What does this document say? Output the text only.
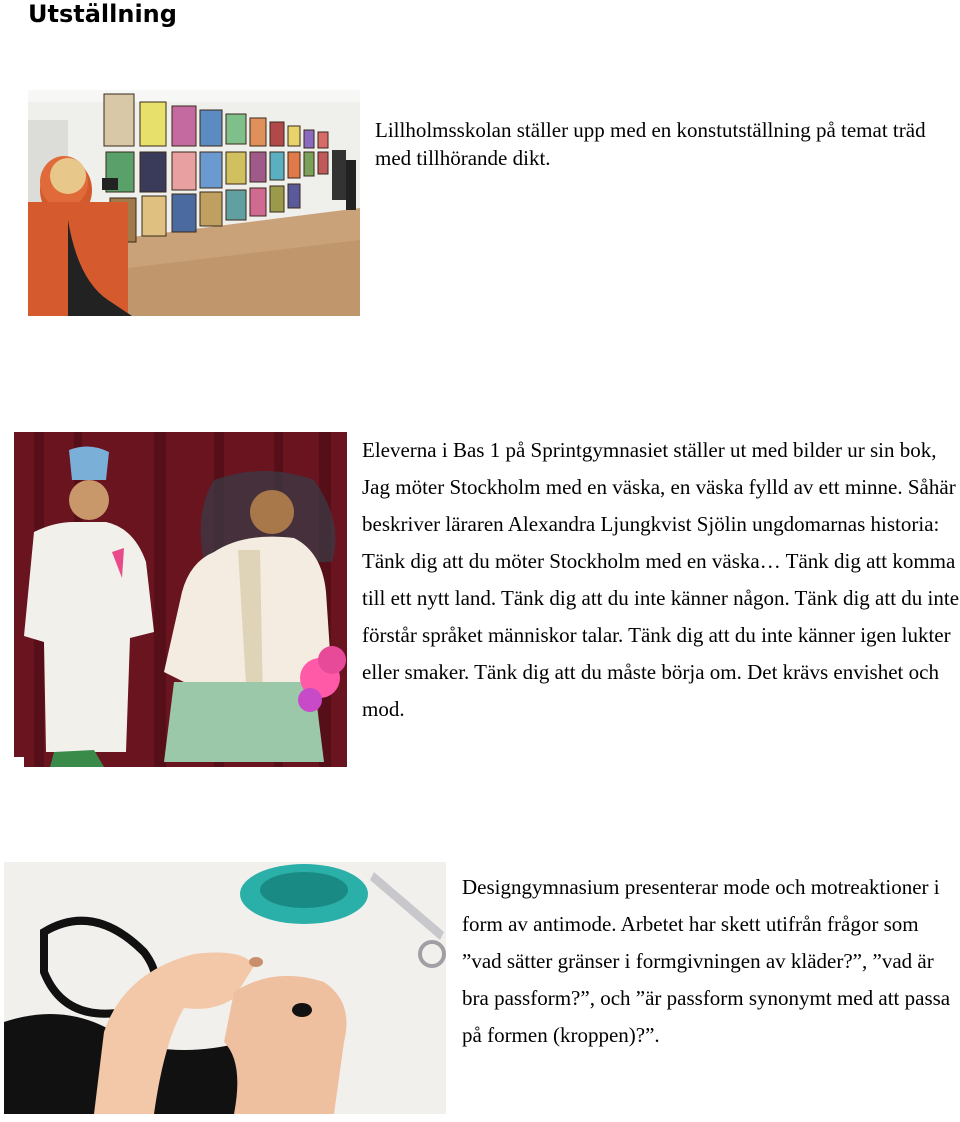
Utställning
Lillholmsskolan ställer upp med en konstutställning på temat träd med tillhörande dikt.
Eleverna i Bas 1 på Sprintgymnasiet ställer ut med bilder ur sin bok, Jag möter Stockholm med en väska, en väska fylld av ett minne. Såhär beskriver läraren Alexandra Ljungkvist Sjölin ungdomarnas historia: Tänk dig att du möter Stockholm med en väska… Tänk dig att komma till ett nytt land. Tänk dig att du inte känner någon. Tänk dig att du inte förstår språket människor talar. Tänk dig att du inte känner igen lukter eller smaker. Tänk dig att du måste börja om. Det krävs envishet och mod.
Designgymnasium presenterar mode och motreaktioner i form av antimode. Arbetet har skett utifrån frågor som ”vad sätter gränser i formgivningen av kläder?”, ”vad är bra passform?”, och ”är passform synonymt med att passa på formen (kroppen)?”.
